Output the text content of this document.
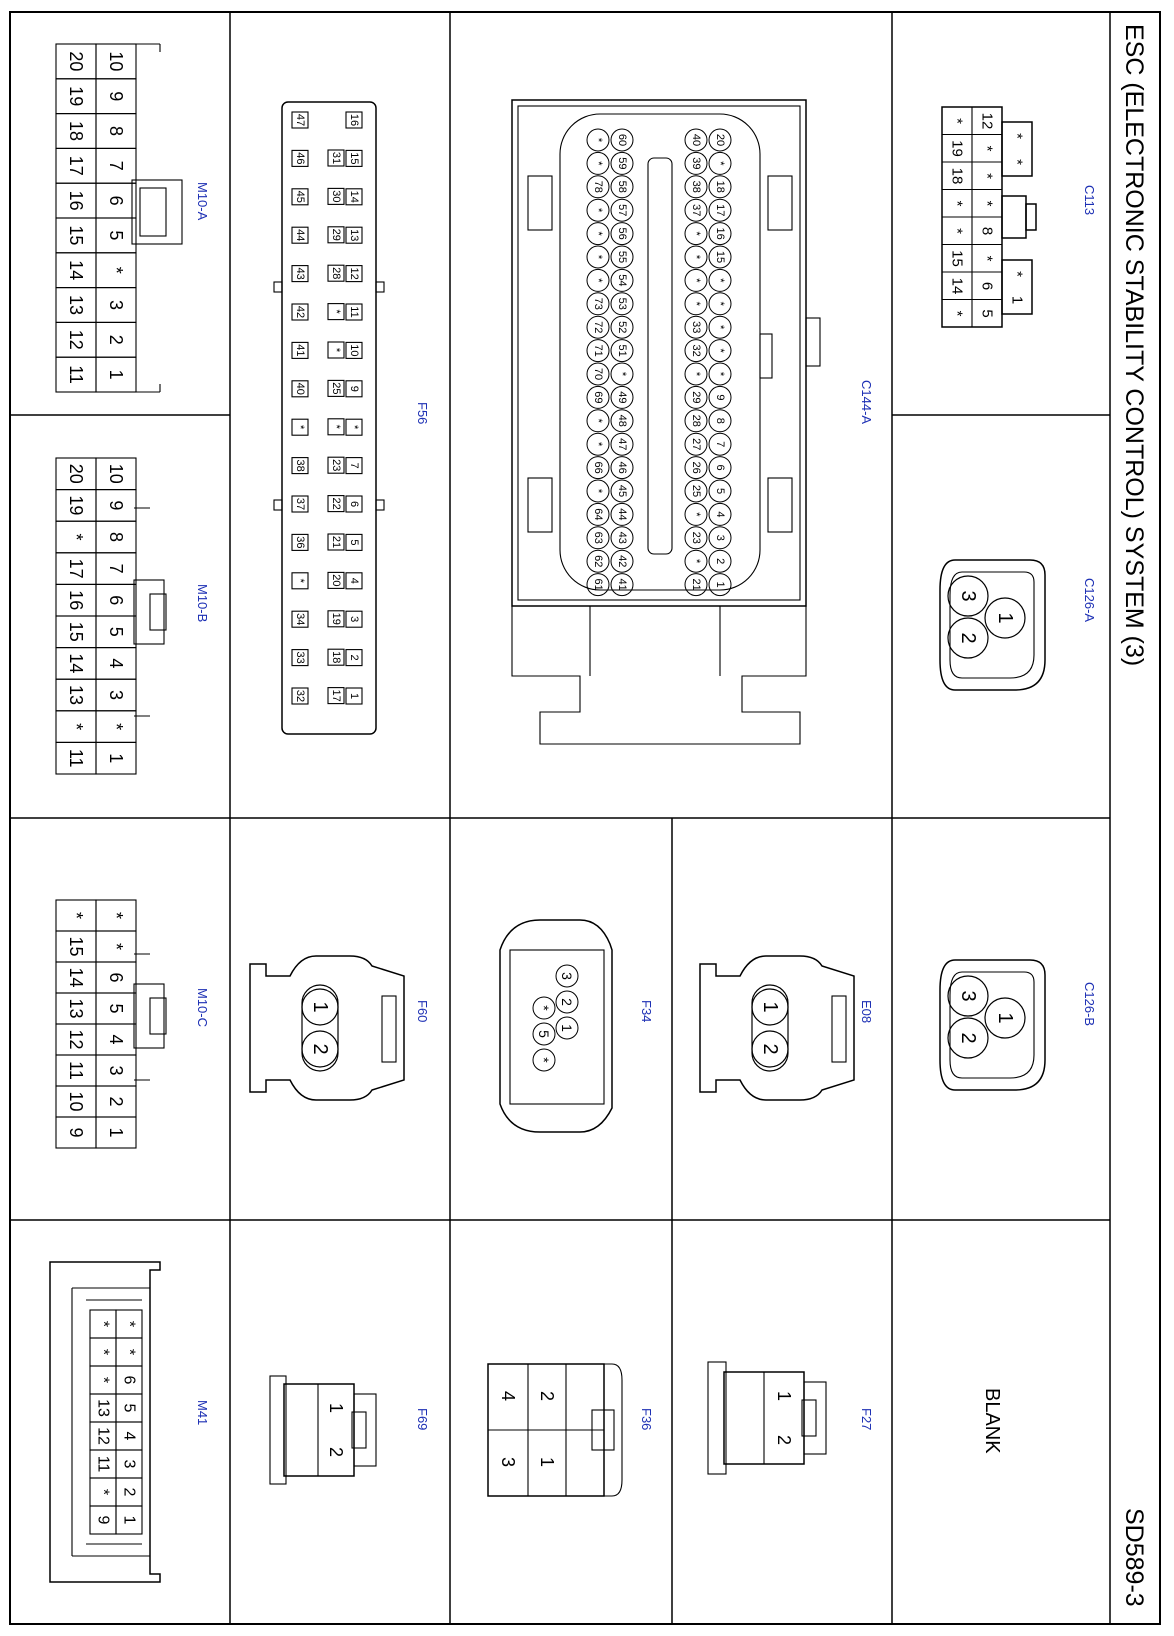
ESC (ELECTRONIC STABILITY CONTROL) SYSTEM (3)
SD589-3
C113
C144-A
C126-A
C126-B
F56
M10-A
M10-B
M10-C	E08
F34
F60
F27
F36
F69
M41	BLANK
12
*
*
19
*
18
*
*
8
*
*
15
6
14
5
*
*
*
*
1
20
*
18
17
16
15
*
*
*
*
*
9
8
7
6
5
4
3
2
1
40
39
38
37
*
*
*
*
33
32
*
29
28
27
26
25
*
23
*
21
60
59
58
57
56
55
54
53
52
51
*
49
48
47
46
45
44
43
42
41
*
*
78
*
*
*
*
73
72
71
70
69
*
*
66
*
64
63
62
61
1
3
2
1
3
2
16
15
14
13
12
11
10
9
*
7
6
5
4
3
2
1
31
30
29
28
*
*
25
*
23
22
21
20
19
18
17
47
46
45
44
43
42
41
40
*
38
37
36
*
34
33
32
10
9
8
7
6
5
*
3
2
1
20
19
18
17
16
15
14
13
12
11
10
9
8
7
6
5
4
3
*
1
20
19
*
17
16
15
14
13
*
11
*
*
6
5
4
3
2
1
*
15
14
13
12
11
10
9
1
2
3
2
1
*
5
*
1
2
1
2
2
1
4
3
1
2
*
*
6
5
4
3
2
1
*
*
*
13
12
11
*
9
